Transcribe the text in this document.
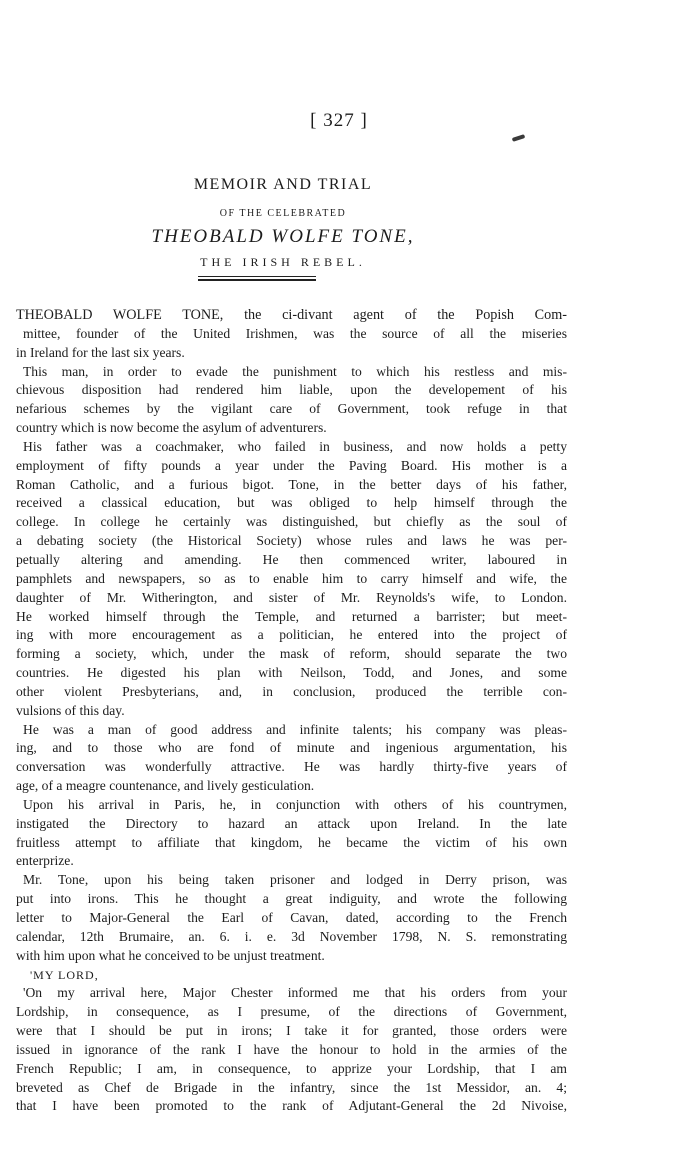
[ 327 ]
MEMOIR AND TRIAL
OF THE CELEBRATED
THEOBALD WOLFE TONE,
THE IRISH REBEL.
THEOBALD WOLFE TONE, the ci-divant agent of the Popish Com-
mittee, founder of the United Irishmen, was the source of all the miseries
in Ireland for the last six years.
This man, in order to evade the punishment to which his restless and mis-
chievous disposition had rendered him liable, upon the developement of his
nefarious schemes by the vigilant care of Government, took refuge in that
country which is now become the asylum of adventurers.
His father was a coachmaker, who failed in business, and now holds a petty
employment of fifty pounds a year under the Paving Board. His mother is a
Roman Catholic, and a furious bigot. Tone, in the better days of his father,
received a classical education, but was obliged to help himself through the
college. In college he certainly was distinguished, but chiefly as the soul of
a debating society (the Historical Society) whose rules and laws he was per-
petually altering and amending. He then commenced writer, laboured in
pamphlets and newspapers, so as to enable him to carry himself and wife, the
daughter of Mr. Witherington, and sister of Mr. Reynolds's wife, to London.
He worked himself through the Temple, and returned a barrister; but meet-
ing with more encouragement as a politician, he entered into the project of
forming a society, which, under the mask of reform, should separate the two
countries. He digested his plan with Neilson, Todd, and Jones, and some
other violent Presbyterians, and, in conclusion, produced the terrible con-
vulsions of this day.
He was a man of good address and infinite talents; his company was pleas-
ing, and to those who are fond of minute and ingenious argumentation, his
conversation was wonderfully attractive. He was hardly thirty-five years of
age, of a meagre countenance, and lively gesticulation.
Upon his arrival in Paris, he, in conjunction with others of his countrymen,
instigated the Directory to hazard an attack upon Ireland. In the late
fruitless attempt to affiliate that kingdom, he became the victim of his own
enterprize.
Mr. Tone, upon his being taken prisoner and lodged in Derry prison, was
put into irons. This he thought a great indiguity, and wrote the following
letter to Major-General the Earl of Cavan, dated, according to the French
calendar, 12th Brumaire, an. 6. i. e. 3d November 1798, N. S. remonstrating
with him upon what he conceived to be unjust treatment.
'MY LORD,
'On my arrival here, Major Chester informed me that his orders from your
Lordship, in consequence, as I presume, of the directions of Government,
were that I should be put in irons; I take it for granted, those orders were
issued in ignorance of the rank I have the honour to hold in the armies of the
French Republic; I am, in consequence, to apprize your Lordship, that I am
breveted as Chef de Brigade in the infantry, since the 1st Messidor, an. 4;
that I have been promoted to the rank of Adjutant-General the 2d Nivoise,
